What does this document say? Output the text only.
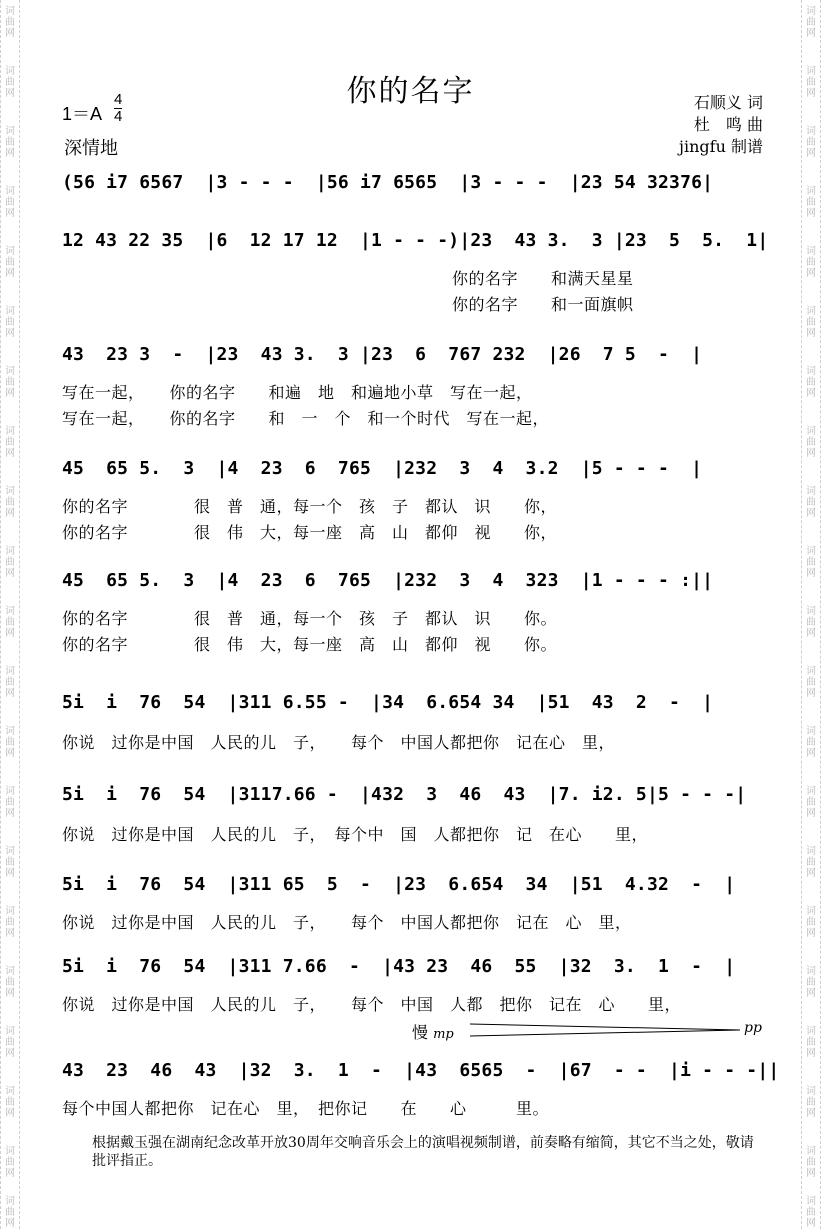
词曲网
词曲网
词曲网
词曲网
词曲网
词曲网
词曲网
词曲网
词曲网
词曲网
词曲网
词曲网
词曲网
词曲网
词曲网
词曲网
词曲网
词曲网
词曲网
词曲网
词曲网
词曲网
词曲网
词曲网
词曲网
词曲网
词曲网
词曲网
词曲网
词曲网
词曲网
词曲网
词曲网
词曲网
词曲网
词曲网
词曲网
词曲网
词曲网
词曲网
词曲网
词曲网
你的名字
1＝A
4
4
深情地
石顺义 词
杜　鸣 曲
jingfu 制谱
(56 i7 6567  |3 - - -  |56 i7 6565  |3 - - -  |23 54 32376|
12 43 22 35  |6  12 17 12  |1 - - -)|23  43 3.  3 |23  5  5.  1|
你的名字　　和满天星星
你的名字　　和一面旗帜
43  23 3  -  |23  43 3.  3 |23  6  767 232  |26  7 5  -  |
写在一起，　　你的名字　　和遍　地　和遍地小草　写在一起，
写在一起，　　你的名字　　和　一　个　和一个时代　写在一起，
45  65 5.  3  |4  23  6  765  |232  3  4  3.2  |5 - - -  |
你的名字　　　　很　普　通，每一个　孩　子　都认　识　　你，
你的名字　　　　很　伟　大，每一座　高　山　都仰　视　　你，
45  65 5.  3  |4  23  6  765  |232  3  4  323  |1 - - - :||
你的名字　　　　很　普　通，每一个　孩　子　都认　识　　你。
你的名字　　　　很　伟　大，每一座　高　山　都仰　视　　你。
5i  i  76  54  |311 6.55 -  |34  6.654 34  |51  43  2  -  |
你说　过你是中国　人民的儿　子，　　每个　中国人都把你　记在心　里，
5i  i  76  54  |3117.66 -  |432  3  46  43  |7. i2. 5|5 - - -|
你说　过你是中国　人民的儿　子，　每个中　国　人都把你　记　在心　　里，
5i  i  76  54  |311 65  5  -  |23  6.654  34  |51  4.32  -  |
你说　过你是中国　人民的儿　子，　　每个　中国人都把你　记在　心　里，
5i  i  76  54  |311 7.66  -  |43 23  46  55  |32  3.  1  -  |
你说　过你是中国　人民的儿　子，　　每个　中国　人都　把你　记在　心　　里，
慢 mp	pp
43  23  46  43  |32  3.  1  -  |43  6565  -  |67  - -  |i - - -||
每个中国人都把你　记在心　里，　把你记　　在　　心　　　里。
根据戴玉强在湖南纪念改革开放30周年交响音乐会上的演唱视频制谱，前奏略有缩简，其它不当之处，敬请批评指正。
